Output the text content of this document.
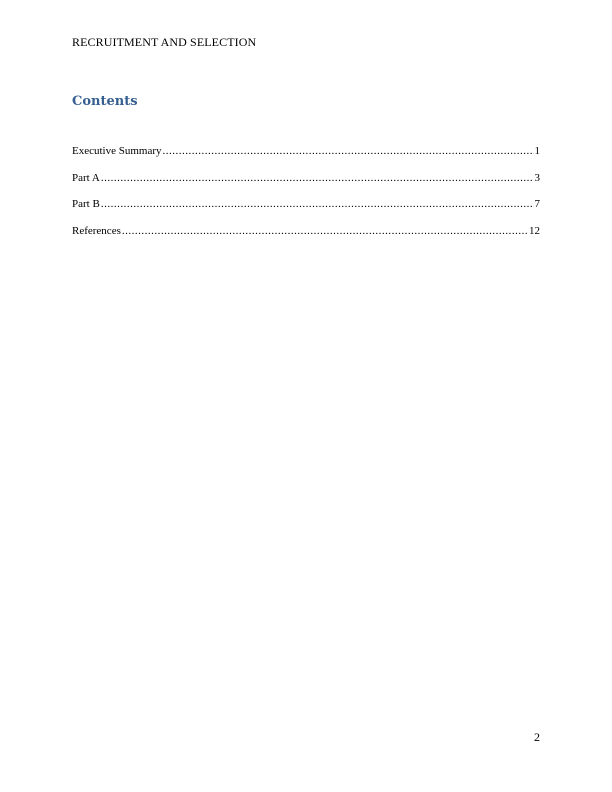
RECRUITMENT AND SELECTION
Contents
Executive Summary .....	1
Part A .....	3
Part B .....	7
References .....	12
2
